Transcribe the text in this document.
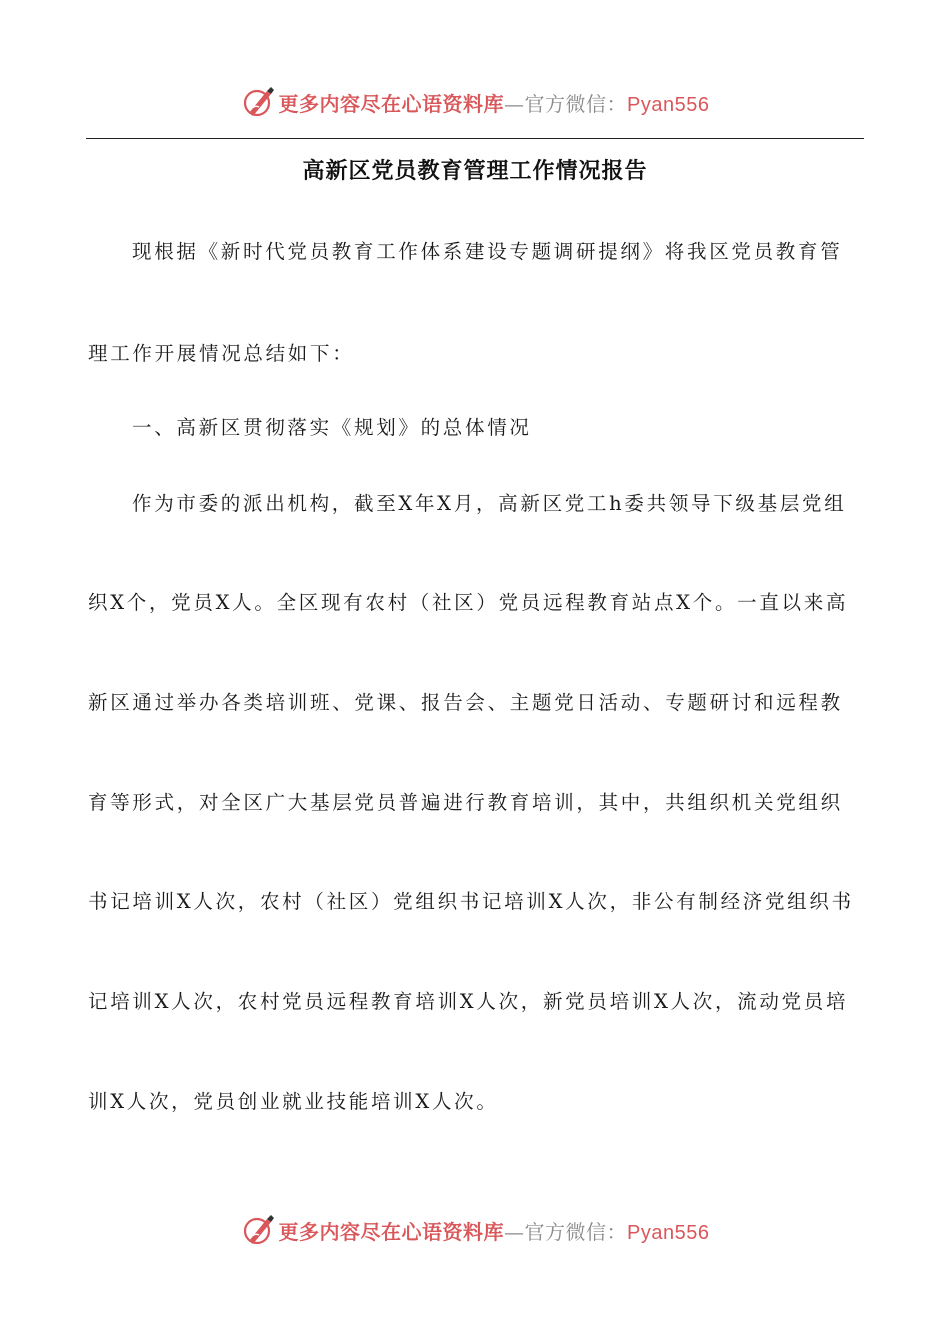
更多内容尽在心语资料库—官方微信：Pyan556
高新区党员教育管理工作情况报告
现根据《新时代党员教育工作体系建设专题调研提纲》将我区党员教育管
理工作开展情况总结如下：
一、高新区贯彻落实《规划》的总体情况
作为市委的派出机构，截至X年X月，高新区党工h委共领导下级基层党组
织X个，党员X人。全区现有农村（社区）党员远程教育站点X个。一直以来高
新区通过举办各类培训班、党课、报告会、主题党日活动、专题研讨和远程教
育等形式，对全区广大基层党员普遍进行教育培训，其中，共组织机关党组织
书记培训X人次，农村（社区）党组织书记培训X人次，非公有制经济党组织书
记培训X人次，农村党员远程教育培训X人次，新党员培训X人次，流动党员培
训X人次，党员创业就业技能培训X人次。
更多内容尽在心语资料库—官方微信：Pyan556
